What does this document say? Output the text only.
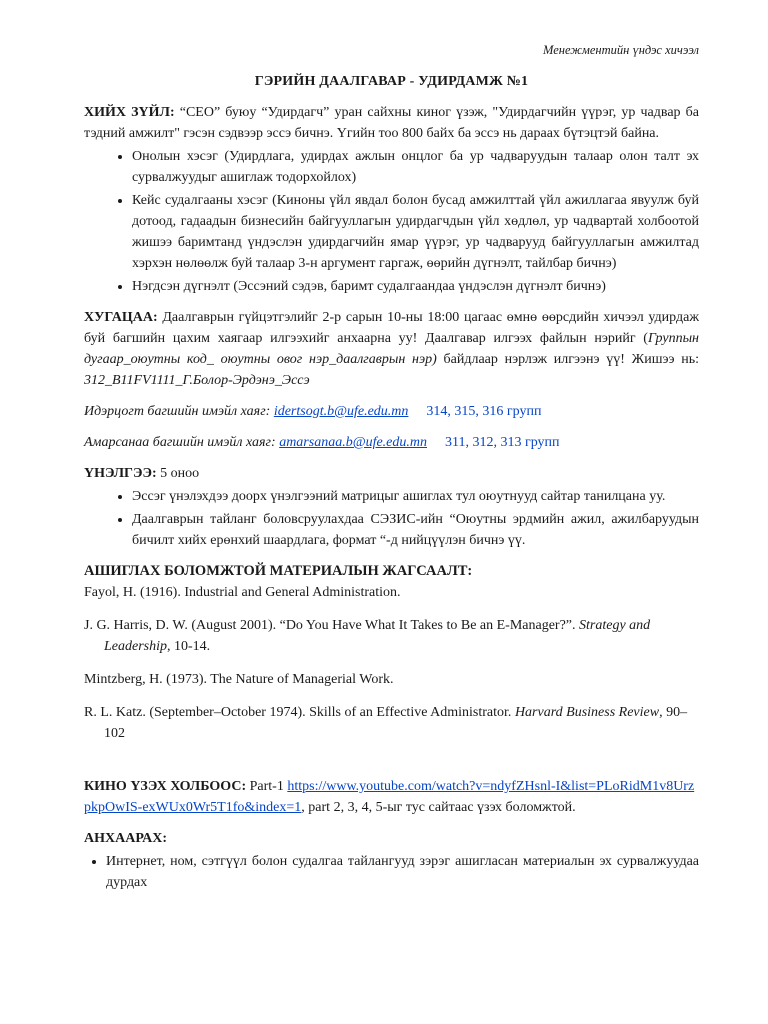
Менежментийн үндэс хичээл
ГЭРИЙН ДААЛГАВАР - УДИРДАМЖ №1

ХИЙХ ЗҮЙЛ: “CEO” буюу “Удирдагч” уран сайхны киног үзэж, "Удирдагчийн үүрэг, ур чадвар ба тэдний амжилт" гэсэн сэдвээр эссэ бичнэ. Үгийн тоо 800 байх ба эссэ нь дараах бүтэцтэй байна.

• Онолын хэсэг (Удирдлага, удирдах ажлын онцлог ба ур чадваруудын талаар олон талт эх сурвалжуудыг ашиглаж тодорхойлох)
• Кейс судалгааны хэсэг (Киноны үйл явдал болон бусад амжилттай үйл ажиллагаа явуулж буй дотоод, гадаадын бизнесийн байгууллагын удирдагчдын үйл хөдлөл, ур чадвартай холбоотой жишээ баримтанд үндэслэн удирдагчийн ямар үүрэг, ур чадварууд байгууллагын амжилтад хэрхэн нөлөөлж буй талаар 3-н аргумент гаргаж, өөрийн дүгнэлт, тайлбар бичнэ)
• Нэгдсэн дүгнэлт (Эссэний сэдэв, баримт судалгаандаа үндэслэн дүгнэлт бичнэ)

ХУГАЦАА: Даалгаврын гүйцэтгэлийг 2-р сарын 10-ны 18:00 цагаас өмнө өөрсдийн хичээл удирдаж буй багшийн цахим хаягаар илгээхийг анхаарна уу! Даалгавар илгээх файлын нэрийг (Группын дугаар_оюутны код_ оюутны овог нэр_даалгаврын нэр) байдлаар нэрлэж илгээнэ үү! Жишээ нь: 312_B11FV1111_Г.Болор-Эрдэнэ_Эссэ

Идэрцогт багшийн имэйл хаяг: idertsogt.b@ufe.edu.mn 314, 315, 316 групп
Амарсанаа багшийн имэйл хаяг: amarsanaa.b@ufe.edu.mn 311, 312, 313 групп

ҮНЭЛГЭЭ: 5 оноо

• Эссэг үнэлэхдээ доорх үнэлгээний матрицыг ашиглах тул оюутнууд сайтар танилцана уу.
• Даалгаврын тайланг боловсруулахдаа СЭЗИС-ийн “Оюутны эрдмийн ажил, ажилбаруудын бичилт хийх ерөнхий шаардлага, формат “-д нийцүүлэн бичнэ үү.
АШИГЛАХ БОЛОМЖТОЙ МАТЕРИАЛЫН ЖАГСААЛТ:

Fayol, H. (1916). Industrial and General Administration.

J. G. Harris, D. W. (August 2001). “Do You Have What It Takes to Be an E-Manager?”. Strategy and Leadership, 10-14.

Mintzberg, H. (1973). The Nature of Managerial Work.

R. L. Katz. (September–October 1974). Skills of an Effective Administrator. Harvard Business Review, 90–102

КИНО ҮЗЭХ ХОЛБООС: Part-1 https://www.youtube.com/watch?v=ndyfZHsnl-I&list=PLoRidM1v8UrzpkpOwIS-exWUx0Wr5T1fo&index=1, part 2, 3, 4, 5-ыг тус сайтаас үзэх боломжтой.

АНХААРАХ:

• Интернет, ном, сэтгүүл болон судалгаа тайлангууд зэрэг ашигласан материалын эх сурвалжуудаа дурдах
